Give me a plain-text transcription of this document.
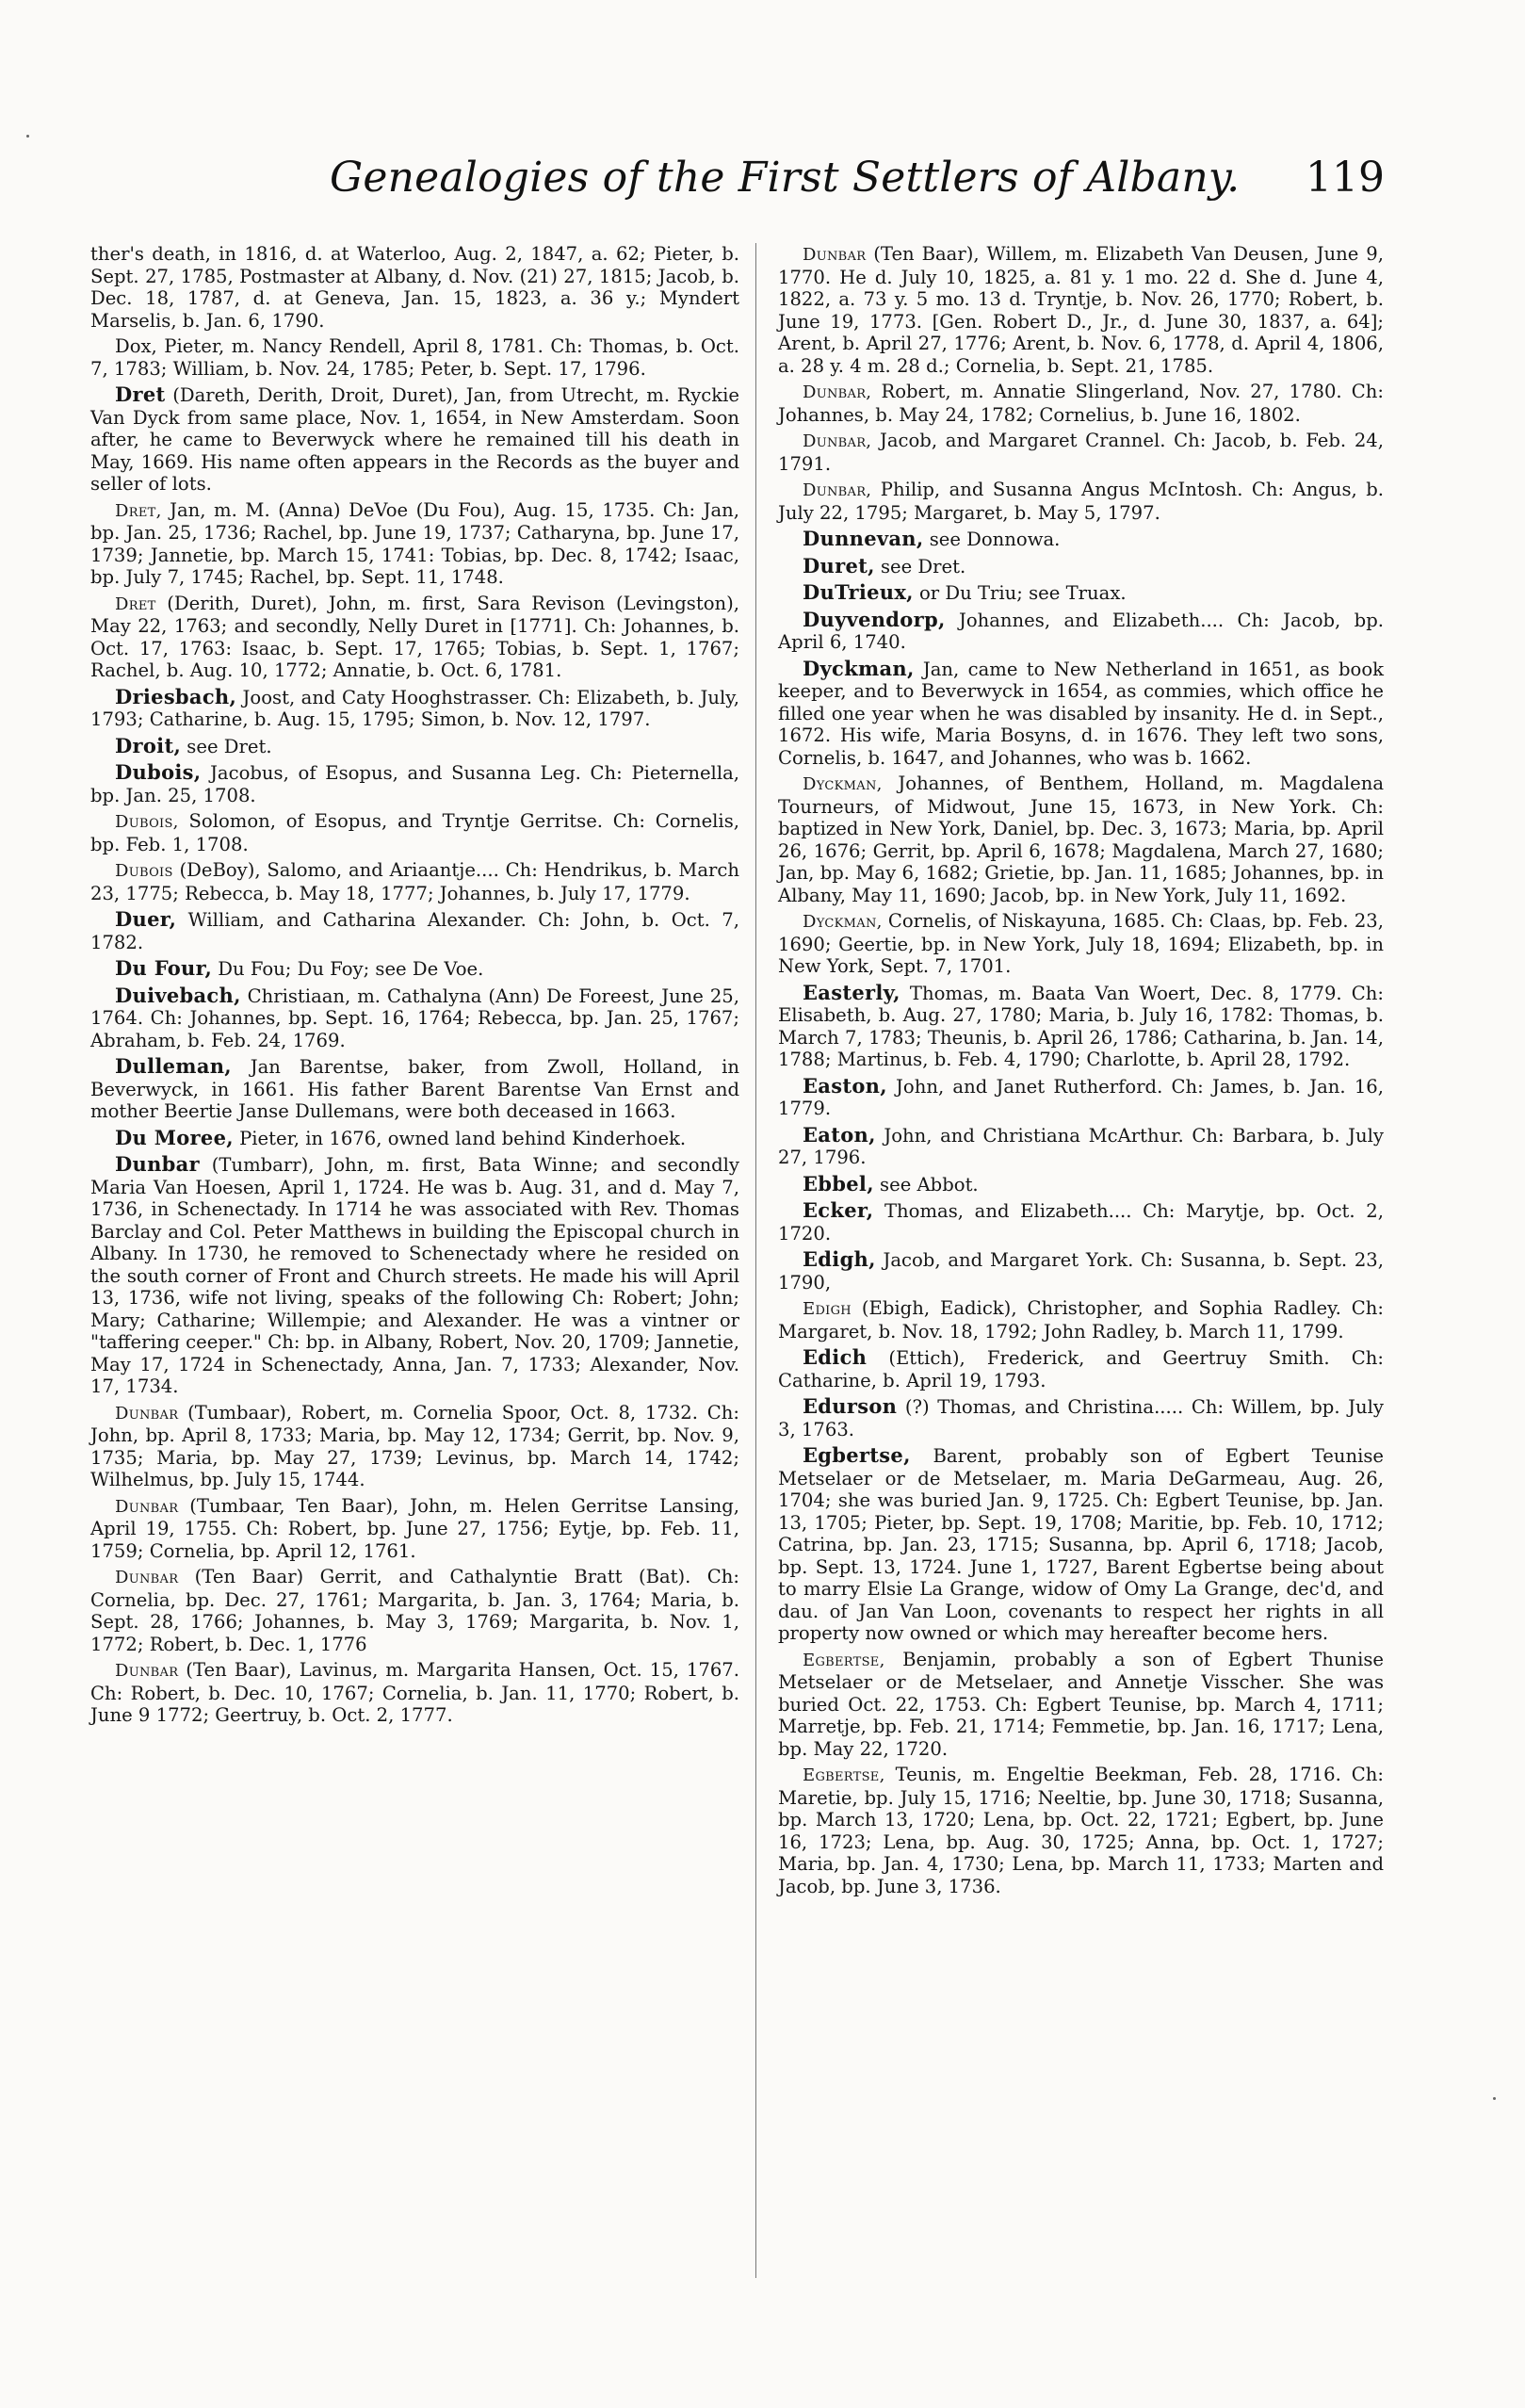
Genealogies of the First Settlers of Albany. 119

ther's death, in 1816, d. at Waterloo, Aug. 2, 1847, a. 62; Pieter, b. Sept. 27, 1785, Postmaster at Albany, d. Nov. (21) 27, 1815; Jacob, b. Dec. 18, 1787, d. at Geneva, Jan. 15, 1823, a. 36 y.; Myndert Marselis, b. Jan. 6, 1790.

Dox, Pieter, m. Nancy Rendell, April 8, 1781. Ch: Thomas, b. Oct. 7, 1783; William, b. Nov. 24, 1785; Peter, b. Sept. 17, 1796.

Dret (Dareth, Derith, Droit, Duret), Jan, from Utrecht, m. Ryckie Van Dyck from same place, Nov. 1, 1654, in New Amsterdam. Soon after, he came to Beverwyck where he remained till his death in May, 1669. His name often appears in the Records as the buyer and seller of lots.

Dret, Jan, m. M. (Anna) DeVoe (Du Fou), Aug. 15, 1735. Ch: Jan, bp. Jan. 25, 1736; Rachel, bp. June 19, 1737; Catharyna, bp. June 17, 1739; Jannetie, bp. March 15, 1741: Tobias, bp. Dec. 8, 1742; Isaac, bp. July 7, 1745; Rachel, bp. Sept. 11, 1748.

Dret (Derith, Duret), John, m. first, Sara Revison (Levingston), May 22, 1763; and secondly, Nelly Duret in [1771]. Ch: Johannes, b. Oct. 17, 1763: Isaac, b. Sept. 17, 1765; Tobias, b. Sept. 1, 1767; Rachel, b. Aug. 10, 1772; Annatie, b. Oct. 6, 1781.

Driesbach, Joost, and Caty Hooghstrasser. Ch: Elizabeth, b. July, 1793; Catharine, b. Aug. 15, 1795; Simon, b. Nov. 12, 1797.

Droit, see Dret.

Dubois, Jacobus, of Esopus, and Susanna Leg. Ch: Pieternella, bp. Jan. 25, 1708.

Dubois, Solomon, of Esopus, and Tryntje Gerritse. Ch: Cornelis, bp. Feb. 1, 1708.

Dubois (DeBoy), Salomo, and Ariaantje.... Ch: Hendrikus, b. March 23, 1775; Rebecca, b. May 18, 1777; Johannes, b. July 17, 1779.

Duer, William, and Catharina Alexander. Ch: John, b. Oct. 7, 1782.

Du Four, Du Fou; Du Foy; see De Voe.

Duivebach, Christiaan, m. Cathalyna (Ann) De Foreest, June 25, 1764. Ch: Johannes, bp. Sept. 16, 1764; Rebecca, bp. Jan. 25, 1767; Abraham, b. Feb. 24, 1769.

Dulleman, Jan Barentse, baker, from Zwoll, Holland, in Beverwyck, in 1661. His father Barent Barentse Van Ernst and mother Beertie Janse Dullemans, were both deceased in 1663.

Du Moree, Pieter, in 1676, owned land behind Kinderhoek.

Dunbar (Tumbarr), John, m. first, Bata Winne; and secondly Maria Van Hoesen, April 1, 1724. He was b. Aug. 31, and d. May 7, 1736, in Schenectady. In 1714 he was associated with Rev. Thomas Barclay and Col. Peter Matthews in building the Episcopal church in Albany. In 1730, he removed to Schenectady where he resided on the south corner of Front and Church streets. He made his will April 13, 1736, wife not living, speaks of the following Ch: Robert; John; Mary; Catharine; Willempie; and Alexander. He was a vintner or "taffering ceeper." Ch: bp. in Albany, Robert, Nov. 20, 1709; Jannetie, May 17, 1724 in Schenectady, Anna, Jan. 7, 1733; Alexander, Nov. 17, 1734.

Dunbar (Tumbaar), Robert, m. Cornelia Spoor, Oct. 8, 1732. Ch: John, bp. April 8, 1733; Maria, bp. May 12, 1734; Gerrit, bp. Nov. 9, 1735; Maria, bp. May 27, 1739; Levinus, bp. March 14, 1742; Wilhelmus, bp. July 15, 1744.

Dunbar (Tumbaar, Ten Baar), John, m. Helen Gerritse Lansing, April 19, 1755. Ch: Robert, bp. June 27, 1756; Eytje, bp. Feb. 11, 1759; Cornelia, bp. April 12, 1761.

Dunbar (Ten Baar) Gerrit, and Cathalyntie Bratt (Bat). Ch: Cornelia, bp. Dec. 27, 1761; Margarita, b. Jan. 3, 1764; Maria, b. Sept. 28, 1766; Johannes, b. May 3, 1769; Margarita, b. Nov. 1, 1772; Robert, b. Dec. 1, 1776

Dunbar (Ten Baar), Lavinus, m. Margarita Hansen, Oct. 15, 1767. Ch: Robert, b. Dec. 10, 1767; Cornelia, b. Jan. 11, 1770; Robert, b. June 9 1772; Geertruy, b. Oct. 2, 1777.

Dunbar (Ten Baar), Willem, m. Elizabeth Van Deusen, June 9, 1770. He d. July 10, 1825, a. 81 y. 1 mo. 22 d. She d. June 4, 1822, a. 73 y. 5 mo. 13 d. Tryntje, b. Nov. 26, 1770; Robert, b. June 19, 1773. [Gen. Robert D., Jr., d. June 30, 1837, a. 64]; Arent, b. April 27, 1776; Arent, b. Nov. 6, 1778, d. April 4, 1806, a. 28 y. 4 m. 28 d.; Cornelia, b. Sept. 21, 1785.

Dunbar, Robert, m. Annatie Slingerland, Nov. 27, 1780. Ch: Johannes, b. May 24, 1782; Cornelius, b. June 16, 1802.

Dunbar, Jacob, and Margaret Crannel. Ch: Jacob, b. Feb. 24, 1791.

Dunbar, Philip, and Susanna Angus McIntosh. Ch: Angus, b. July 22, 1795; Margaret, b. May 5, 1797.

Dunnevan, see Donnowa.

Duret, see Dret.

DuTrieux, or Du Triu; see Truax.

Duyvendorp, Johannes, and Elizabeth.... Ch: Jacob, bp. April 6, 1740.

Dyckman, Jan, came to New Netherland in 1651, as book keeper, and to Beverwyck in 1654, as commies, which office he filled one year when he was disabled by insanity. He d. in Sept., 1672. His wife, Maria Bosyns, d. in 1676. They left two sons, Cornelis, b. 1647, and Johannes, who was b. 1662.

Dyckman, Johannes, of Benthem, Holland, m. Magdalena Tourneurs, of Midwout, June 15, 1673, in New York. Ch: baptized in New York, Daniel, bp. Dec. 3, 1673; Maria, bp. April 26, 1676; Gerrit, bp. April 6, 1678; Magdalena, March 27, 1680; Jan, bp. May 6, 1682; Grietie, bp. Jan. 11, 1685; Johannes, bp. in Albany, May 11, 1690; Jacob, bp. in New York, July 11, 1692.

Dyckman, Cornelis, of Niskayuna, 1685. Ch: Claas, bp. Feb. 23, 1690; Geertie, bp. in New York, July 18, 1694; Elizabeth, bp. in New York, Sept. 7, 1701.

Easterly, Thomas, m. Baata Van Woert, Dec. 8, 1779. Ch: Elisabeth, b. Aug. 27, 1780; Maria, b. July 16, 1782: Thomas, b. March 7, 1783; Theunis, b. April 26, 1786; Catharina, b. Jan. 14, 1788; Martinus, b. Feb. 4, 1790; Charlotte, b. April 28, 1792.

Easton, John, and Janet Rutherford. Ch: James, b. Jan. 16, 1779.

Eaton, John, and Christiana McArthur. Ch: Barbara, b. July 27, 1796.

Ebbel, see Abbot.

Ecker, Thomas, and Elizabeth.... Ch: Marytje, bp. Oct. 2, 1720.

Edigh, Jacob, and Margaret York. Ch: Susanna, b. Sept. 23, 1790,

Edigh (Ebigh, Eadick), Christopher, and Sophia Radley. Ch: Margaret, b. Nov. 18, 1792; John Radley, b. March 11, 1799.

Edich (Ettich), Frederick, and Geertruy Smith. Ch: Catharine, b. April 19, 1793.

Edurson (?) Thomas, and Christina..... Ch: Willem, bp. July 3, 1763.

Egbertse, Barent, probably son of Egbert Teunise Metselaer or de Metselaer, m. Maria DeGarmeau, Aug. 26, 1704; she was buried Jan. 9, 1725. Ch: Egbert Teunise, bp. Jan. 13, 1705; Pieter, bp. Sept. 19, 1708; Maritie, bp. Feb. 10, 1712; Catrina, bp. Jan. 23, 1715; Susanna, bp. April 6, 1718; Jacob, bp. Sept. 13, 1724. June 1, 1727, Barent Egbertse being about to marry Elsie La Grange, widow of Omy La Grange, dec'd, and dau. of Jan Van Loon, covenants to respect her rights in all property now owned or which may hereafter become hers.

Egbertse, Benjamin, probably a son of Egbert Thunise Metselaer or de Metselaer, and Annetje Visscher. She was buried Oct. 22, 1753. Ch: Egbert Teunise, bp. March 4, 1711; Marretje, bp. Feb. 21, 1714; Femmetie, bp. Jan. 16, 1717; Lena, bp. May 22, 1720.

Egbertse, Teunis, m. Engeltie Beekman, Feb. 28, 1716. Ch: Maretie, bp. July 15, 1716; Neeltie, bp. June 30, 1718; Susanna, bp. March 13, 1720; Lena, bp. Oct. 22, 1721; Egbert, bp. June 16, 1723; Lena, bp. Aug. 30, 1725; Anna, bp. Oct. 1, 1727; Maria, bp. Jan. 4, 1730; Lena, bp. March 11, 1733; Marten and Jacob, bp. June 3, 1736.
